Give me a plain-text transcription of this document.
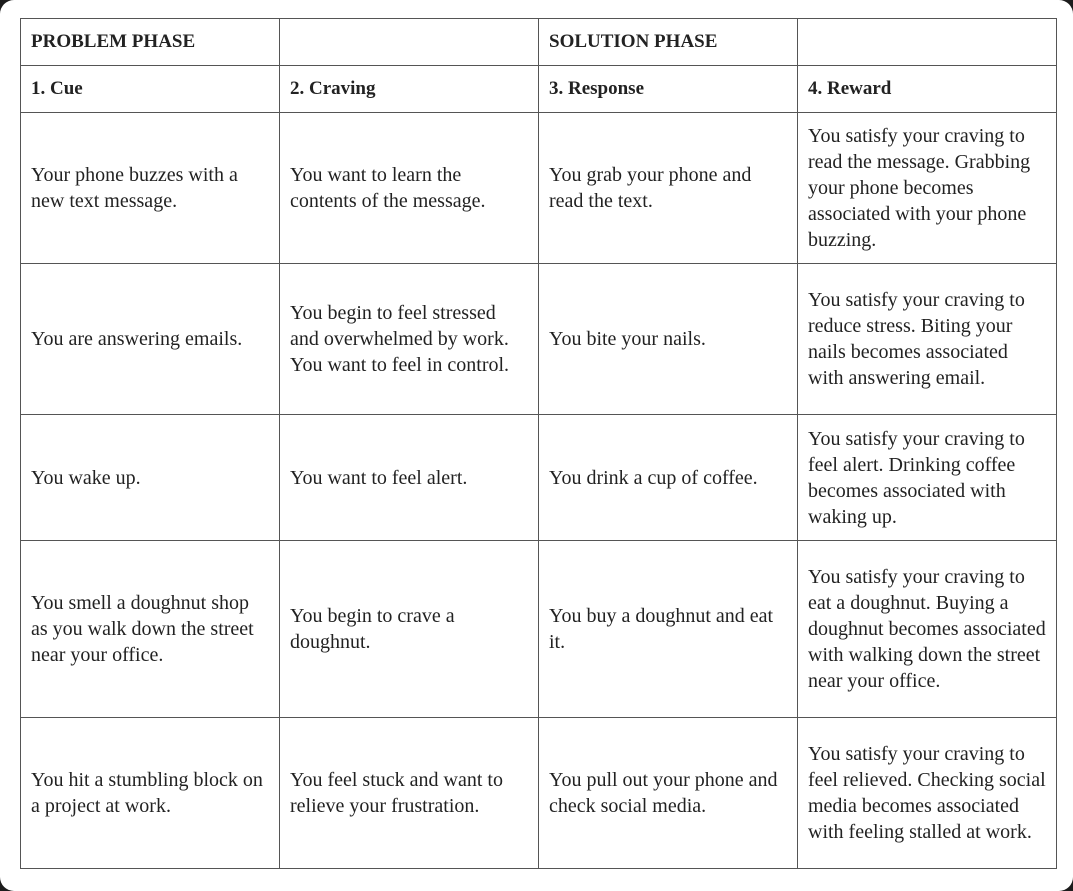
PROBLEM PHASE		SOLUTION PHASE	
1. Cue	2. Craving	3. Response	4. Reward
Your phone buzzes with a new text message.	You want to learn the contents of the message.	You grab your phone and read the text.	You satisfy your craving to read the message. Grabbing your phone becomes associated with your phone buzzing.
You are answering emails.	You begin to feel stressed and overwhelmed by work. You want to feel in control.	You bite your nails.	You satisfy your craving to reduce stress. Biting your nails becomes associated with answering email.
You wake up.	You want to feel alert.	You drink a cup of coffee.	You satisfy your craving to feel alert. Drinking coffee becomes associated with waking up.
You smell a doughnut shop as you walk down the street near your office.	You begin to crave a doughnut.	You buy a doughnut and eat it.	You satisfy your craving to eat a doughnut. Buying a doughnut becomes associated with walking down the street near your office.
You hit a stumbling block on a project at work.	You feel stuck and want to relieve your frustration.	You pull out your phone and check social media.	You satisfy your craving to feel relieved. Checking social media becomes associated with feeling stalled at work.
